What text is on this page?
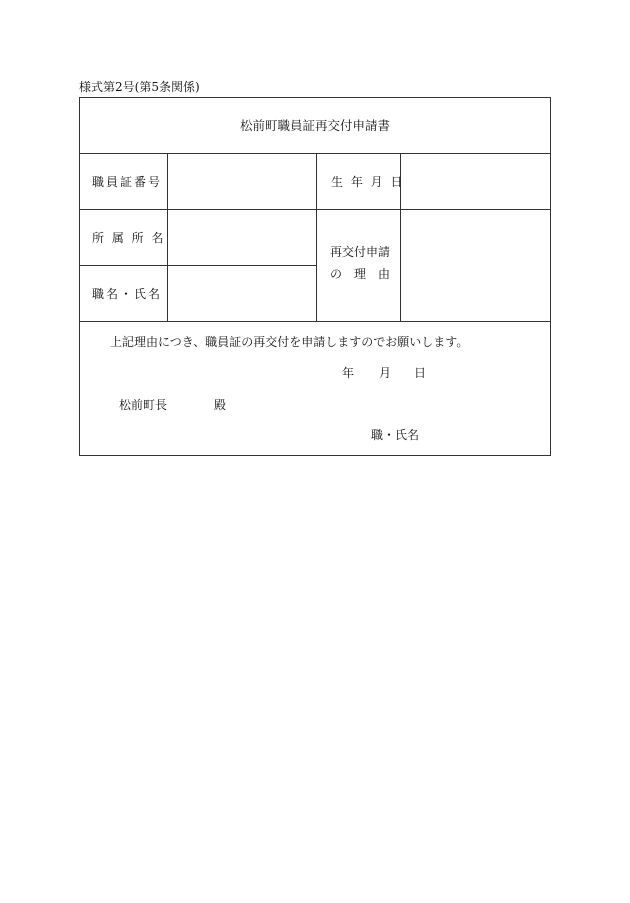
様式第2号(第5条関係)
松前町職員証再交付申請書
職員証番号	生 年 月 日
所 属 所 名
再交付申請
の　理　由
職名・氏名
上記理由につき、職員証の再交付を申請しますのでお願いします。
年 月 日
松前町長	殿
職・氏名
